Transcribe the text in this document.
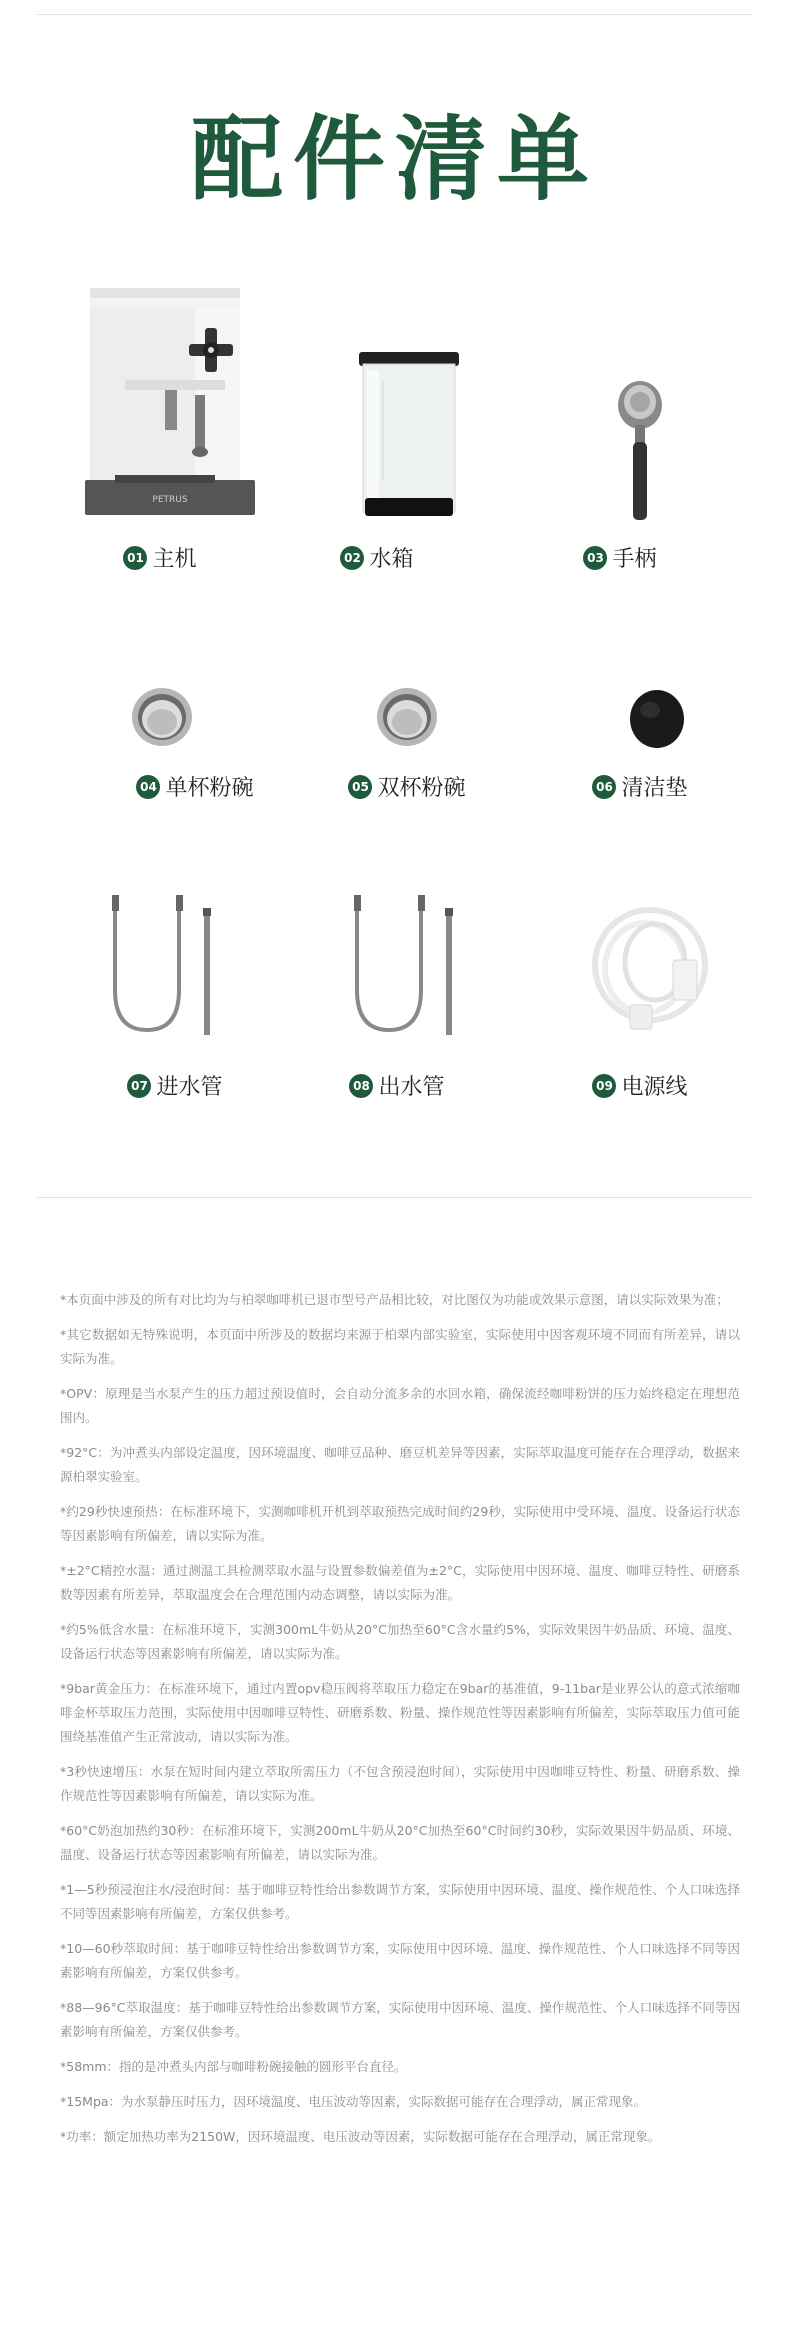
配件清单
PETRUS
01 主机	02 水箱	03 手柄
04 单杯粉碗	05 双杯粉碗	06 清洁垫
07 进水管	08 出水管	09 电源线

*本页面中涉及的所有对比均为与柏翠咖啡机已退市型号产品相比较，对比图仅为功能或效果示意图，请以实际效果为准；

*其它数据如无特殊说明，本页面中所涉及的数据均来源于柏翠内部实验室，实际使用中因客观环境不同而有所差异，请以实际为准。

*OPV：原理是当水泵产生的压力超过预设值时，会自动分流多余的水回水箱，确保流经咖啡粉饼的压力始终稳定在理想范围内。

*92°C：为冲煮头内部设定温度，因环境温度、咖啡豆品种、磨豆机差异等因素，实际萃取温度可能存在合理浮动，数据来源柏翠实验室。

*约29秒快速预热：在标准环境下，实测咖啡机开机到萃取预热完成时间约29秒，实际使用中受环境、温度、设备运行状态等因素影响有所偏差，请以实际为准。

*±2°C精控水温：通过测温工具检测萃取水温与设置参数偏差值为±2°C，实际使用中因环境、温度、咖啡豆特性、研磨系数等因素有所差异，萃取温度会在合理范围内动态调整，请以实际为准。

*约5%低含水量：在标准环境下，实测300mL牛奶从20°C加热至60°C含水量约5%，实际效果因牛奶品质、环境、温度、设备运行状态等因素影响有所偏差，请以实际为准。

*9bar黄金压力：在标准环境下，通过内置opv稳压阀将萃取压力稳定在9bar的基准值，9-11bar是业界公认的意式浓缩咖啡金杯萃取压力范围，实际使用中因咖啡豆特性、研磨系数、粉量、操作规范性等因素影响有所偏差，实际萃取压力值可能围绕基准值产生正常波动，请以实际为准。

*3秒快速增压：水泵在短时间内建立萃取所需压力（不包含预浸泡时间），实际使用中因咖啡豆特性、粉量、研磨系数、操作规范性等因素影响有所偏差，请以实际为准。

*60°C奶泡加热约30秒：在标准环境下，实测200mL牛奶从20°C加热至60°C时间约30秒，实际效果因牛奶品质、环境、温度、设备运行状态等因素影响有所偏差，请以实际为准。

*1—5秒预浸泡注水/浸泡时间：基于咖啡豆特性给出参数调节方案，实际使用中因环境、温度、操作规范性、个人口味选择不同等因素影响有所偏差，方案仅供参考。

*10—60秒萃取时间：基于咖啡豆特性给出参数调节方案，实际使用中因环境、温度、操作规范性、个人口味选择不同等因素影响有所偏差，方案仅供参考。

*88—96°C萃取温度：基于咖啡豆特性给出参数调节方案，实际使用中因环境、温度、操作规范性、个人口味选择不同等因素影响有所偏差，方案仅供参考。

*58mm：指的是冲煮头内部与咖啡粉碗接触的圆形平台直径。

*15Mpa：为水泵静压时压力，因环境温度、电压波动等因素，实际数据可能存在合理浮动，属正常现象。

*功率：额定加热功率为2150W，因环境温度、电压波动等因素，实际数据可能存在合理浮动，属正常现象。
